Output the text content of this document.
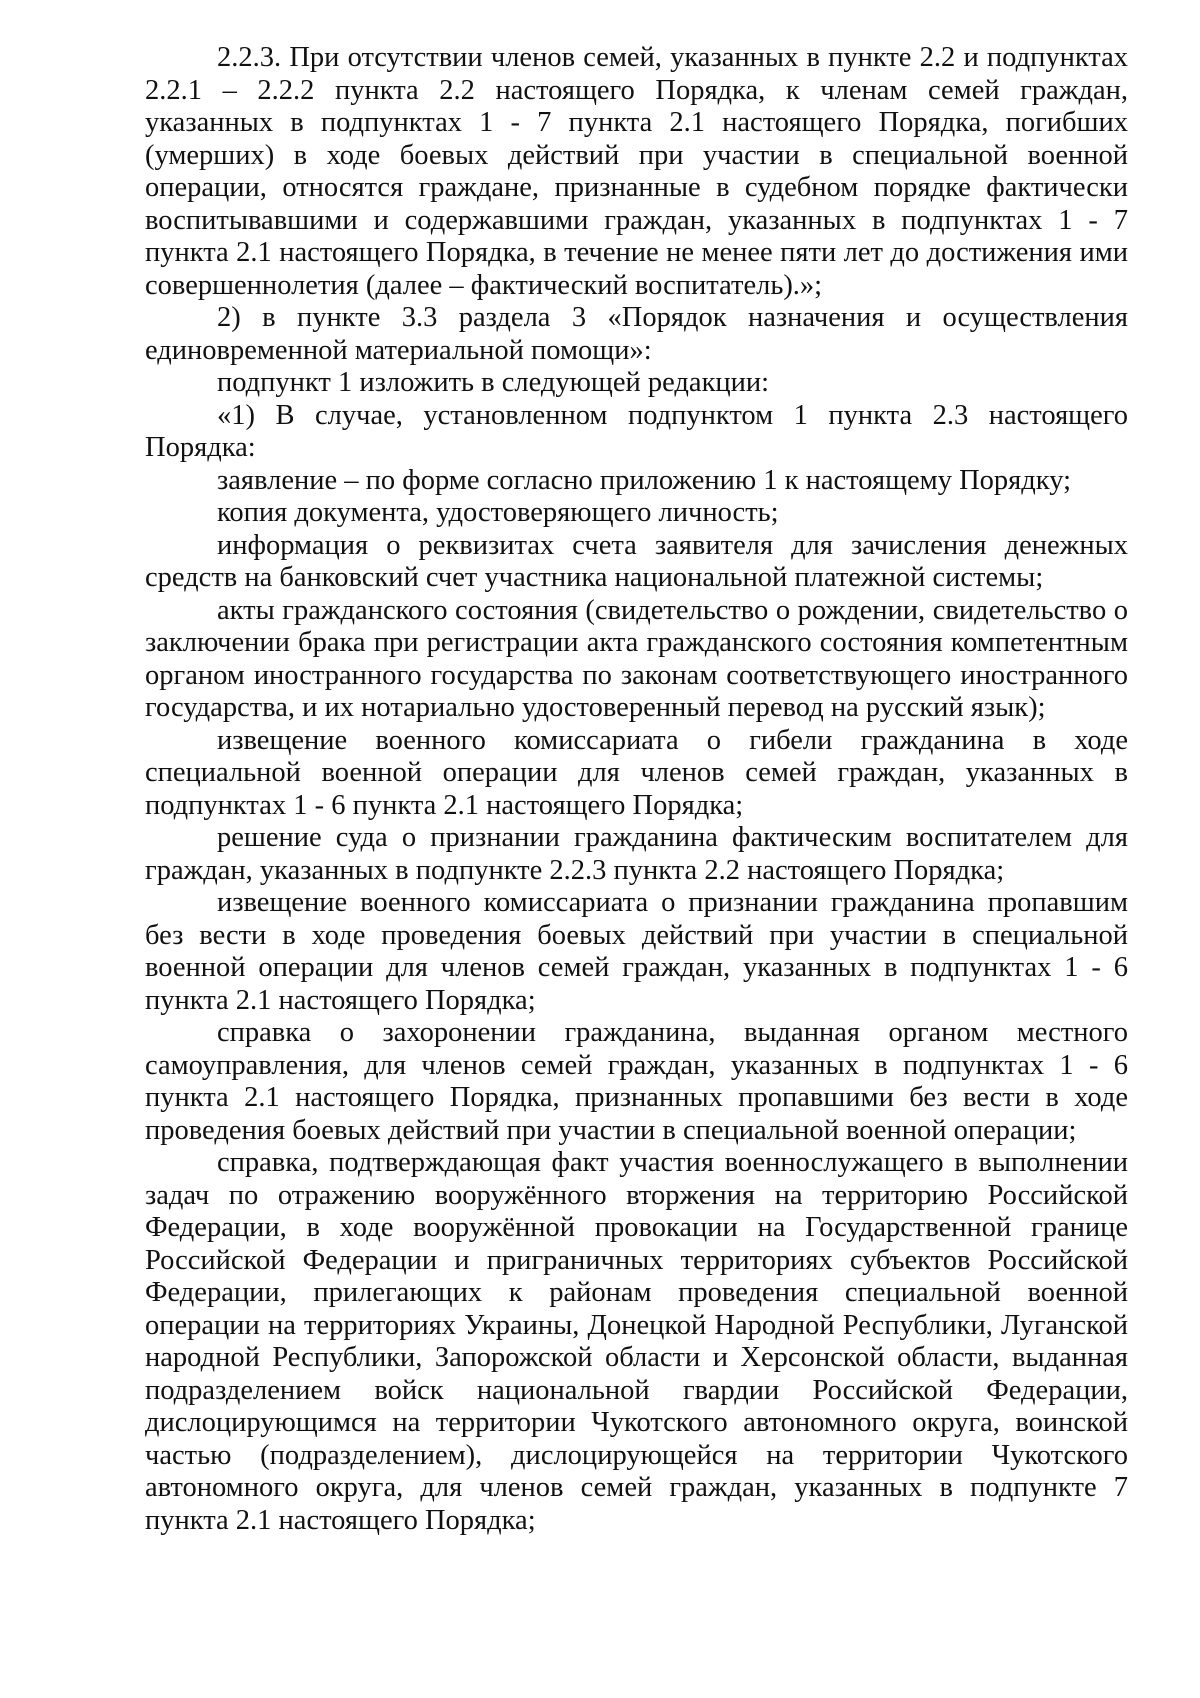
2.2.3. При отсутствии членов семей, указанных в пункте 2.2 и подпунктах 2.2.1 – 2.2.2 пункта 2.2 настоящего Порядка, к членам семей граждан, указанных в подпунктах 1 - 7 пункта 2.1 настоящего Порядка, погибших (умерших) в ходе боевых действий при участии в специальной военной операции, относятся граждане, признанные в судебном порядке фактически воспитывавшими и содержавшими граждан, указанных в подпунктах 1 - 7 пункта 2.1 настоящего Порядка, в течение не менее пяти лет до достижения ими совершеннолетия (далее – фактический воспитатель).»;

2) в пункте 3.3 раздела 3 «Порядок назначения и осуществления единовременной материальной помощи»:

подпункт 1 изложить в следующей редакции:

«1) В случае, установленном подпунктом 1 пункта 2.3 настоящего Порядка:

заявление – по форме согласно приложению 1 к настоящему Порядку;

копия документа, удостоверяющего личность;

информация о реквизитах счета заявителя для зачисления денежных средств на банковский счет участника национальной платежной системы;

акты гражданского состояния (свидетельство о рождении, свидетельство о заключении брака при регистрации акта гражданского состояния компетентным органом иностранного государства по законам соответствующего иностранного государства, и их нотариально удостоверенный перевод на русский язык);

извещение военного комиссариата о гибели гражданина в ходе специальной военной операции для членов семей граждан, указанных в подпунктах 1 - 6 пункта 2.1 настоящего Порядка;

решение суда о признании гражданина фактическим воспитателем для граждан, указанных в подпункте 2.2.3 пункта 2.2 настоящего Порядка;

извещение военного комиссариата о признании гражданина пропавшим без вести в ходе проведения боевых действий при участии в специальной военной операции для членов семей граждан, указанных в подпунктах 1 - 6 пункта 2.1 настоящего Порядка;

справка о захоронении гражданина, выданная органом местного самоуправления, для членов семей граждан, указанных в подпунктах 1 - 6 пункта 2.1 настоящего Порядка, признанных пропавшими без вести в ходе проведения боевых действий при участии в специальной военной операции;

справка, подтверждающая факт участия военнослужащего в выполнении задач по отражению вооружённого вторжения на территорию Российской Федерации, в ходе вооружённой провокации на Государственной границе Российской Федерации и приграничных территориях субъектов Российской Федерации, прилегающих к районам проведения специальной военной операции на территориях Украины, Донецкой Народной Республики, Луганской народной Республики, Запорожской области и Херсонской области, выданная подразделением войск национальной гвардии Российской Федерации, дислоцирующимся на территории Чукотского автономного округа, воинской частью (подразделением), дислоцирующейся на территории Чукотского автономного округа, для членов семей граждан, указанных в подпункте 7 пункта 2.1 настоящего Порядка;
